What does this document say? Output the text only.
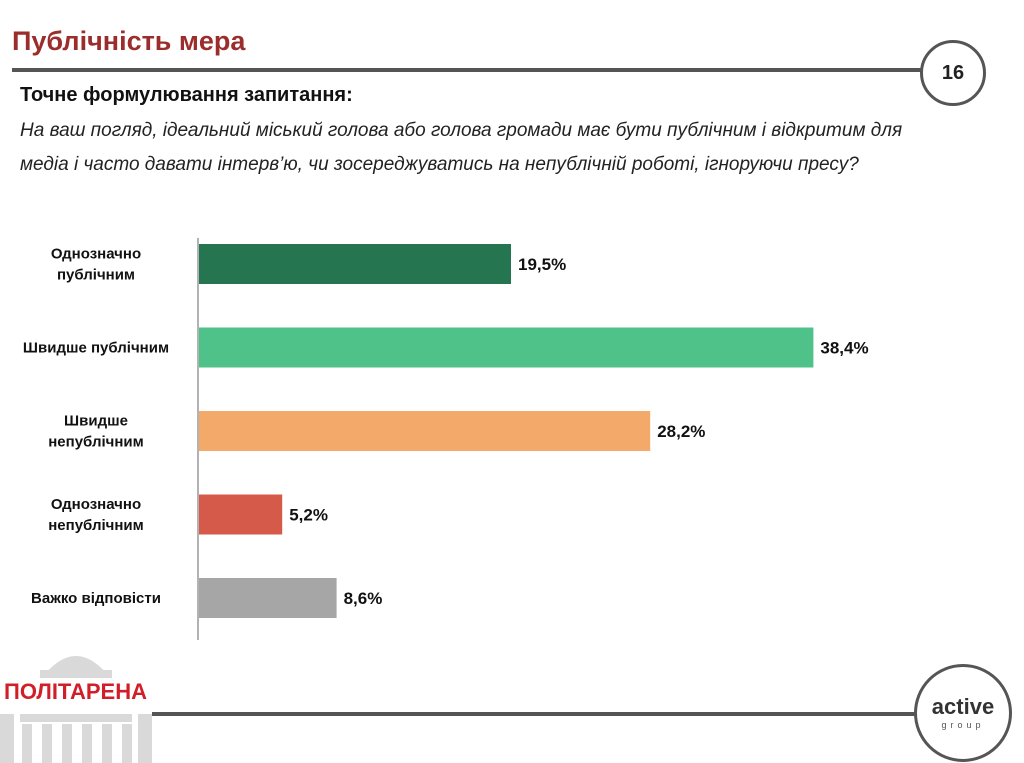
Публічність мера
16
Точне формулювання запитання:
На ваш погляд, ідеальний міський голова або голова громади має бути публічним і відкритим для медіа і часто давати інтерв’ю, чи зосереджуватись на непублічній роботі, ігноруючи пресу?
19,5%
Однозначно публічним
38,4%
Швидше публічним
28,2%
Швидше непублічним
5,2%
Однозначно непублічним
8,6%
Важко відповісти
ПОЛІТАРЕНА
active
group
